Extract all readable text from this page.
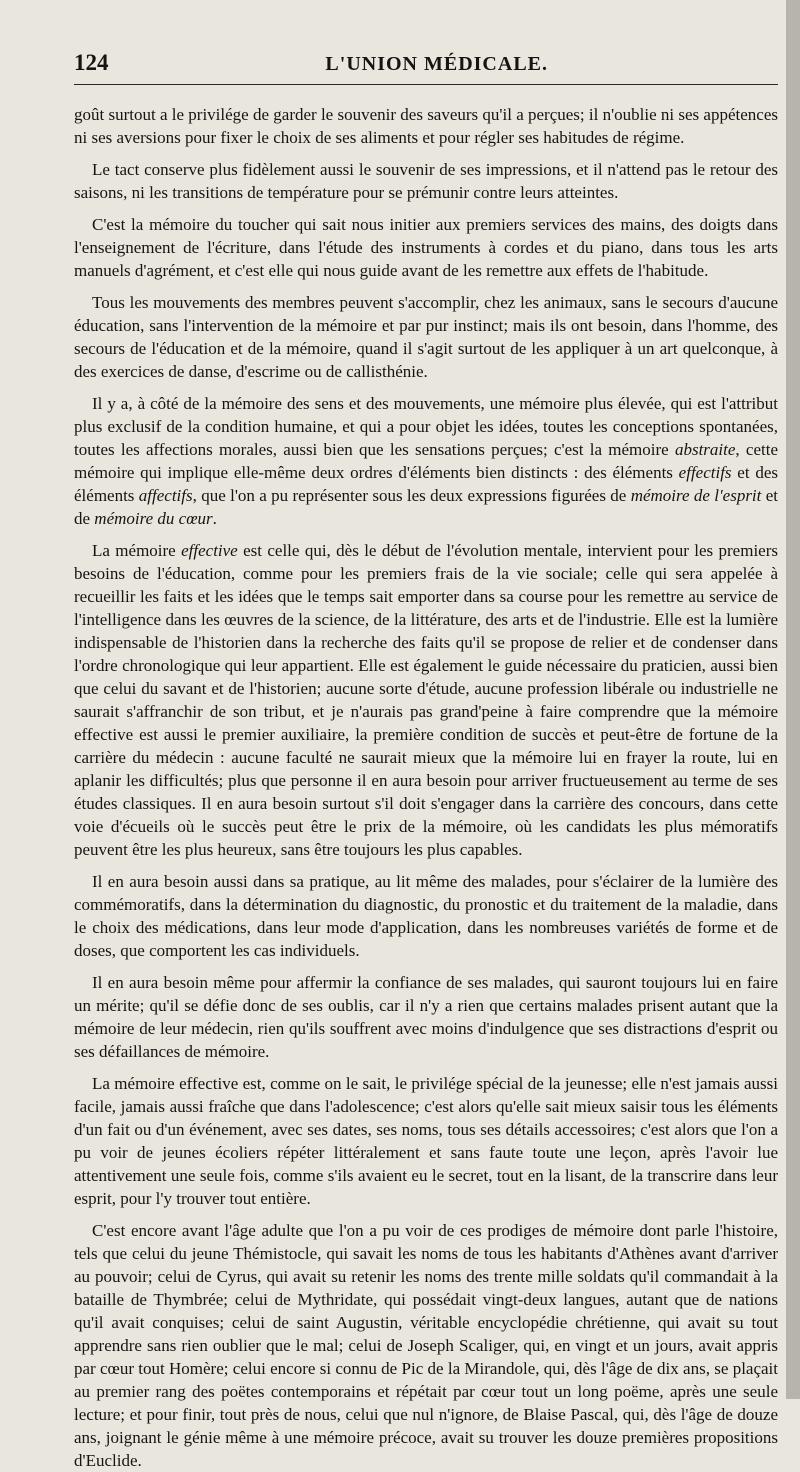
124	L'UNION MÉDICALE.

goût surtout a le privilége de garder le souvenir des saveurs qu'il a perçues; il n'oublie ni ses appétences ni ses aversions pour fixer le choix de ses aliments et pour régler ses habitudes de régime.

Le tact conserve plus fidèlement aussi le souvenir de ses impressions, et il n'attend pas le retour des saisons, ni les transitions de température pour se prémunir contre leurs atteintes.

C'est la mémoire du toucher qui sait nous initier aux premiers services des mains, des doigts dans l'enseignement de l'écriture, dans l'étude des instruments à cordes et du piano, dans tous les arts manuels d'agrément, et c'est elle qui nous guide avant de les remettre aux effets de l'habitude.

Tous les mouvements des membres peuvent s'accomplir, chez les animaux, sans le secours d'aucune éducation, sans l'intervention de la mémoire et par pur instinct; mais ils ont besoin, dans l'homme, des secours de l'éducation et de la mémoire, quand il s'agit surtout de les appliquer à un art quelconque, à des exercices de danse, d'escrime ou de callisthénie.

Il y a, à côté de la mémoire des sens et des mouvements, une mémoire plus élevée, qui est l'attribut plus exclusif de la condition humaine, et qui a pour objet les idées, toutes les conceptions spontanées, toutes les affections morales, aussi bien que les sensations perçues; c'est la mémoire abstraite, cette mémoire qui implique elle-même deux ordres d'éléments bien distincts : des éléments effectifs et des éléments affectifs, que l'on a pu représenter sous les deux expressions figurées de mémoire de l'esprit et de mémoire du cœur.

La mémoire effective est celle qui, dès le début de l'évolution mentale, intervient pour les premiers besoins de l'éducation, comme pour les premiers frais de la vie sociale; celle qui sera appelée à recueillir les faits et les idées que le temps sait emporter dans sa course pour les remettre au service de l'intelligence dans les œuvres de la science, de la littérature, des arts et de l'industrie. Elle est la lumière indispensable de l'historien dans la recherche des faits qu'il se propose de relier et de condenser dans l'ordre chronologique qui leur appartient. Elle est également le guide nécessaire du praticien, aussi bien que celui du savant et de l'historien; aucune sorte d'étude, aucune profession libérale ou industrielle ne saurait s'affranchir de son tribut, et je n'aurais pas grand'peine à faire comprendre que la mémoire effective est aussi le premier auxiliaire, la première condition de succès et peut-être de fortune de la carrière du médecin : aucune faculté ne saurait mieux que la mémoire lui en frayer la route, lui en aplanir les difficultés; plus que personne il en aura besoin pour arriver fructueusement au terme de ses études classiques. Il en aura besoin surtout s'il doit s'engager dans la carrière des concours, dans cette voie d'écueils où le succès peut être le prix de la mémoire, où les candidats les plus mémoratifs peuvent être les plus heureux, sans être toujours les plus capables.

Il en aura besoin aussi dans sa pratique, au lit même des malades, pour s'éclairer de la lumière des commémoratifs, dans la détermination du diagnostic, du pronostic et du traitement de la maladie, dans le choix des médications, dans leur mode d'application, dans les nombreuses variétés de forme et de doses, que comportent les cas individuels.

Il en aura besoin même pour affermir la confiance de ses malades, qui sauront toujours lui en faire un mérite; qu'il se défie donc de ses oublis, car il n'y a rien que certains malades prisent autant que la mémoire de leur médecin, rien qu'ils souffrent avec moins d'indulgence que ses distractions d'esprit ou ses défaillances de mémoire.

La mémoire effective est, comme on le sait, le privilége spécial de la jeunesse; elle n'est jamais aussi facile, jamais aussi fraîche que dans l'adolescence; c'est alors qu'elle sait mieux saisir tous les éléments d'un fait ou d'un événement, avec ses dates, ses noms, tous ses détails accessoires; c'est alors que l'on a pu voir de jeunes écoliers répéter littéralement et sans faute toute une leçon, après l'avoir lue attentivement une seule fois, comme s'ils avaient eu le secret, tout en la lisant, de la transcrire dans leur esprit, pour l'y trouver tout entière.

C'est encore avant l'âge adulte que l'on a pu voir de ces prodiges de mémoire dont parle l'histoire, tels que celui du jeune Thémistocle, qui savait les noms de tous les habitants d'Athènes avant d'arriver au pouvoir; celui de Cyrus, qui avait su retenir les noms des trente mille soldats qu'il commandait à la bataille de Thymbrée; celui de Mythridate, qui possédait vingt-deux langues, autant que de nations qu'il avait conquises; celui de saint Augustin, véritable encyclopédie chrétienne, qui avait su tout apprendre sans rien oublier que le mal; celui de Joseph Scaliger, qui, en vingt et un jours, avait appris par cœur tout Homère; celui encore si connu de Pic de la Mirandole, qui, dès l'âge de dix ans, se plaçait au premier rang des poëtes contemporains et répétait par cœur tout un long poëme, après une seule lecture; et pour finir, tout près de nous, celui que nul n'ignore, de Blaise Pascal, qui, dès l'âge de douze ans, joignant le génie même à une mémoire précoce, avait su trouver les douze premières propositions d'Euclide.
